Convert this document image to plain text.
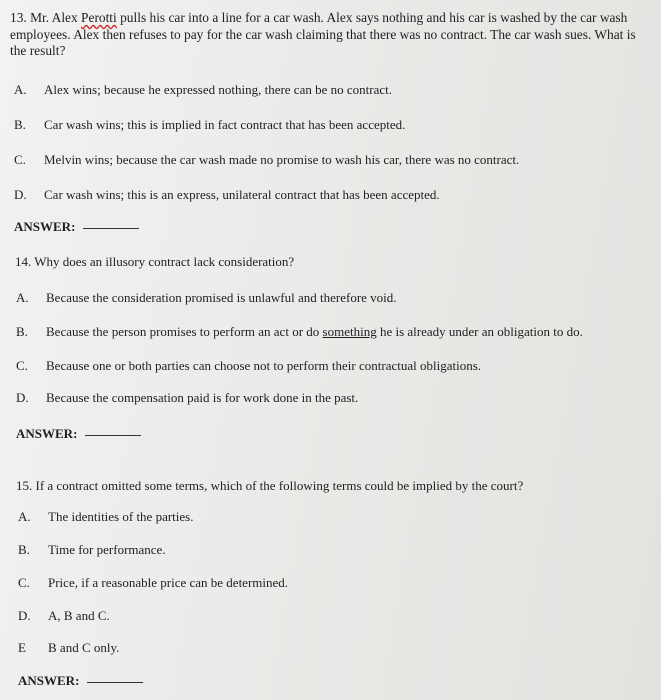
13. Mr. Alex Perotti pulls his car into a line for a car wash. Alex says nothing and his car is washed by the car wash employees. Alex then refuses to pay for the car wash claiming that there was no contract. The car wash sues. What is the result?

A. Alex wins; because he expressed nothing, there can be no contract.
B. Car wash wins; this is implied in fact contract that has been accepted.
C. Melvin wins; because the car wash made no promise to wash his car, there was no contract.
D. Car wash wins; this is an express, unilateral contract that has been accepted.
ANSWER:
14. Why does an illusory contract lack consideration?
A. Because the consideration promised is unlawful and therefore void.
B. Because the person promises to perform an act or do something he is already under an obligation to do.
C. Because one or both parties can choose not to perform their contractual obligations.
D. Because the compensation paid is for work done in the past.
ANSWER:
15. If a contract omitted some terms, which of the following terms could be implied by the court?
A. The identities of the parties.
B. Time for performance.
C. Price, if a reasonable price can be determined.
D. A, B and C.
E B and C only.
ANSWER:
